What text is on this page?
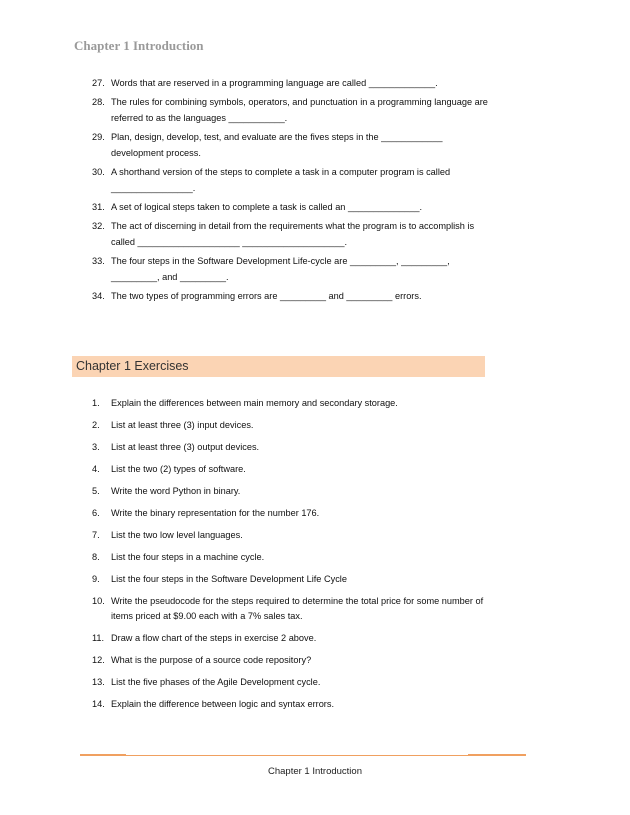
Chapter 1 Introduction
27. Words that are reserved in a programming language are called _____________.
28. The rules for combining symbols, operators, and punctuation in a programming language are referred to as the languages ___________.
29. Plan, design, develop, test, and evaluate are the fives steps in the ____________ development process.
30. A shorthand version of the steps to complete a task in a computer program is called ________________.
31. A set of logical steps taken to complete a task is called an ______________.
32. The act of discerning in detail from the requirements what the program is to accomplish is called ____________________ ____________________.
33. The four steps in the Software Development Life-cycle are _________, _________, _________, and _________.
34. The two types of programming errors are _________ and _________ errors.
Chapter 1 Exercises
1. Explain the differences between main memory and secondary storage.
2. List at least three (3) input devices.
3. List at least three (3) output devices.
4. List the two (2) types of software.
5. Write the word Python in binary.
6. Write the binary representation for the number 176.
7. List the two low level languages.
8. List the four steps in a machine cycle.
9. List the four steps in the Software Development Life Cycle
10. Write the pseudocode for the steps required to determine the total price for some number of items priced at $9.00 each with a 7% sales tax.
11. Draw a flow chart of the steps in exercise 2 above.
12. What is the purpose of a source code repository?
13. List the five phases of the Agile Development cycle.
14. Explain the difference between logic and syntax errors.
Chapter 1 Introduction
